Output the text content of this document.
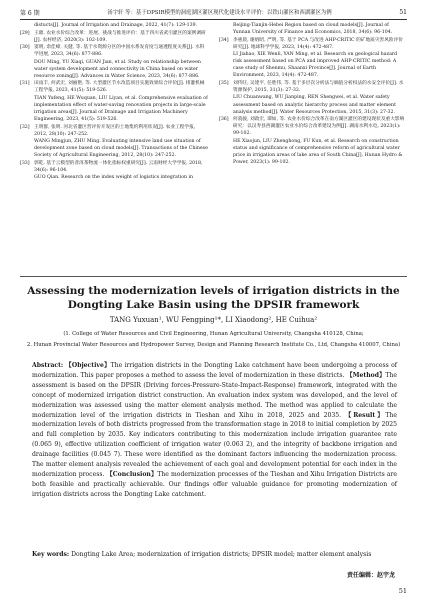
第 6 期	汤宇轩 等：基于DPSIR模型的洞庭湖区灌区现代化建设水平评价：以铁山灌区和西湖灌区为例	51
distucts[J]. Journal of Irrigation and Drainage, 2022, 41(7): 129-139.
[29] 王璀. 农业水价综合改革：进展、挑战与推进评价：基于四川省武引灌区的案例调研[J]. 农村经济, 2020(3): 102-109.
[30] 窦明, 余佳峰, 关健, 等. 基于水资源分区的中国水系发育度与通透程度关系[J]. 水科学进展, 2023, 34(6): 877-886.
DOU Ming, YU Xiaqi, GUAN Jian, et al. Study on relationship between water system development and connectivity in China based on water resource zoning[J]. Advances in Water Science, 2023, 34(6): 877-886.
[31] 田雨丰, 何武宏, 刘丽艳, 等. 大型灌区节水改造项目实施效果综合评价[J]. 排灌机械工程学报, 2023, 41(5): 519-526.
TIAN Yufeng, HE Wuquan, LIU Liyan, et al. Comprehensive evaluation of implementation effect of water-saving renovation projects in large-scale irrigation areas[J]. Journal of Drainage and Irrigation Machinery Engineering, 2023, 41(5): 519-526.
[32] 王明群, 张明. 河北省灌区营评价开发区的土地集约利用状况[J]. 农业工程学报, 2012, 28(10): 247-252.
WANG Mingjun, ZHU Ming. Evaluating intensive land use situation of development zone based on cloud models[J]. Transactions of the Chinese Society of Agricultural Engineering, 2012, 28(10): 247-252.
[33] 郭乾. 基于云模型的普洱茶物流一体化指标权重研究[J]. 云南财经大学学报, 2018, 34(6): 96-104.
GUO Qian. Research on the index weight of logistics integration in
Beijing-Tianjin-Hebei Region based on cloud models[J]. Journal of Yunnan University of Finance and Economics, 2018, 34(6): 96-104.
[34] 李惠晨, 谢炳昭, 严明, 等. 基于 PCA 与改进 AHP-CRITIC 的矿地质灾害风险评价研究[J]. 地球科学学报, 2023, 14(4): 472-487.
LI Jiahao, XIE Wenli, YAN Ming, et al. Research on geological hazard risk assessment based on PCA and improved AHP-CRITIC method: A case study of Shenmu, Shaanxi Province[J]. Journal of Earth Environment, 2023, 14(4): 472-487.
[35] 刘传旺, 吴建平, 任胜伟, 等. 基于多层次分析法与熵值分析权法的水安全评价[J]. 水资源保护, 2015, 31(3): 27-32.
LIU Chuanwang, WU Jianping, REN Shengwei, et al. Water safety assessment based on analytic hierarchy process and matter element analysis method[J]. Water Resources Protection, 2015, 31(3): 27-32.
[36] 何骁骏, 刘政宏, 谭如, 等. 农业水价综合改革在南方湖区灌区的建设现状及重大影响研究：以汉寿县西湖灌区农业水价综合改革建设为例[J]. 湖南水利水电, 2023(1): 99-102.
HE Xiaojun, LIU Zhenghong, FU Kun, et al. Research on construction status and significance of comprehensive reform of agricultural water price in irrigation areas of lake area of South China[J]. Hunan Hydro & Power, 2023(1): 99-102.
Assessing the modernization levels of irrigation districts in the
Dongting Lake Basin using the DPSIR framework
TANG Yuxuan¹, WU Fengping¹*, LI Xiaodong², HE Cuihua²
(1. College of Water Resources and Civil Engineering, Hunan Agricultural University, Changsha 410128, China;
2. Hunan Provincial Water Resources and Hydropower Survey, Design and Planning Research Institute Co., Ltd, Changsha 410007, China)
Abstract: 【Objective】The irrigation districts in the Dongting Lake catchment have been undergoing a process of modernization. This paper proposes a method to assess the level of modernization in these districts. 【Method】The assessment is based on the DPSIR (Driving forces-Pressure-State-Impact-Response) framework, integrated with the concept of modernized irrigation district construction. An evaluation index system was developed, and the level of modernization was assessed using the matter element analysis method. The method was applied to calculate the modernization level of the irrigation districts in Tieshan and Xihu in 2018, 2025 and 2035. 【Result】The modernization levels of both districts progressed from the transformation stage in 2018 to initial completion by 2025 and full completion by 2035. Key indicators contributing to this modernization include irrigation guarantee rate (0.065 9), effective utilization coefficient of irrigation water (0.063 2), and the integrity of backbone irrigation and drainage facilities (0.045 7). These were identified as the dominant factors influencing the modernization process. The matter element analysis revealed the achievement of each goal and development potential for each index in the modernization process. 【Conclusion】The modernization processes of the Tieshan and Xihu Irrigation Districts are both feasible and practically achievable. Our findings offer valuable guidance for promoting modernization of irrigation districts across the Dongting Lake catchment.
Key words: Dongting Lake Area; modernization of irrigation districts; DPSIR model; matter element analysis
责任编辑：赵宇龙
51
